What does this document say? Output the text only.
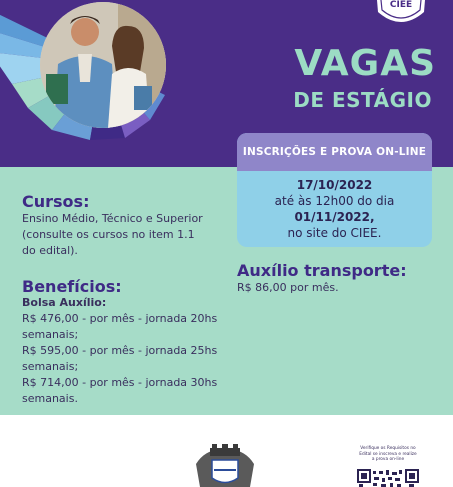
CIEE
VAGAS
DE ESTÁGIO
INSCRIÇÕES E PROVA ON-LINE
17/10/2022
até às 12h00 do dia
01/11/2022,
no site do CIEE.
Cursos:
Ensino Médio, Técnico e Superior
(consulte os cursos no item 1.1
do edital).
Auxílio transporte:
R$ 86,00 por mês.
Benefícios:
Bolsa Auxílio:
R$ 476,00 - por mês - jornada 20hs
semanais;
R$ 595,00 - por mês - jornada 25hs
semanais;
R$ 714,00 - por mês - jornada 30hs
semanais.
Verifique os Requisitos no
Edital se inscreva e realize
a prova on-line
